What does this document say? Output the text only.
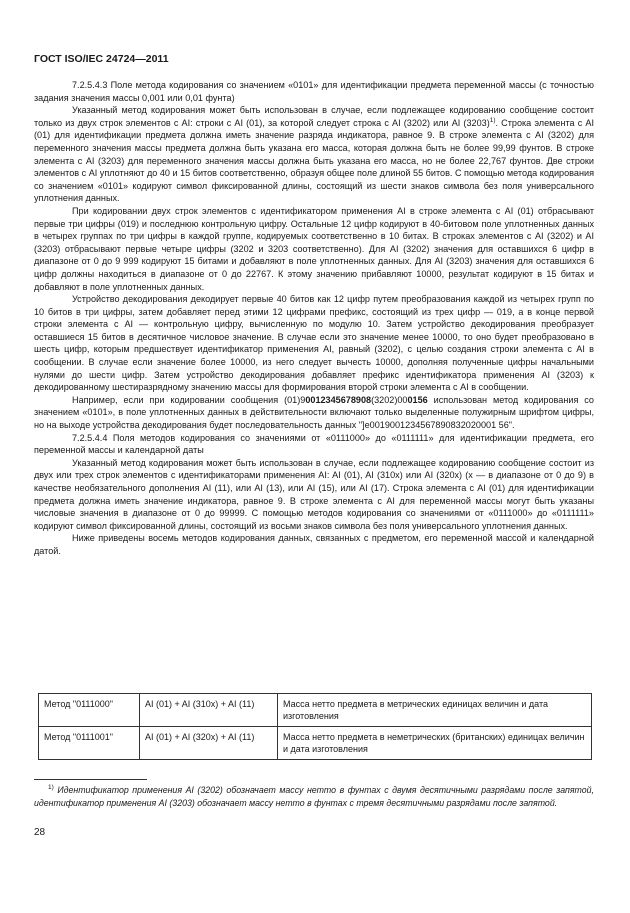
ГОСТ ISO/IEC 24724—2011

7.2.5.4.3 Поле метода кодирования со значением «0101» для идентификации предмета переменной массы (с точностью задания значения массы 0,001 или 0,01 фунта)

Указанный метод кодирования может быть использован в случае, если подлежащее кодированию сообщение состоит только из двух строк элементов с AI: строки с AI (01), за которой следует строка с AI (3202) или AI (3203)$^{1)}$. Строка элемента с AI (01) для идентификации предмета должна иметь значение разряда индикатора, равное 9. В строке элемента с AI (3202) для переменного значения массы предмета должна быть указана его масса, которая должна быть не более 99,99 фунтов. В строке элемента с AI (3203) для переменного значения массы должна быть указана его масса, но не более 22,767 фунтов. Две строки элементов с AI уплотняют до 40 и 15 битов соответственно, образуя общее поле длиной 55 битов. С помощью метода кодирования со значением «0101» кодируют символ фиксированной длины, состоящий из шести знаков символа без поля универсального уплотнения данных.

При кодировании двух строк элементов с идентификатором применения AI в строке элемента с AI (01) отбрасывают первые три цифры (019) и последнюю контрольную цифру. Остальные 12 цифр кодируют в 40-битовом поле уплотненных данных в четырех группах по три цифры в каждой группе, кодируемых соответственно в 10 битах. В строках элементов с AI (3202) и AI (3203) отбрасывают первые четыре цифры (3202 и 3203 соответственно). Для AI (3202) значения для оставшихся 6 цифр в диапазоне от 0 до 9 999 кодируют 15 битами и добавляют в поле уплотненных данных. Для AI (3203) значения для оставшихся 6 цифр должны находиться в диапазоне от 0 до 22767. К этому значению прибавляют 10000, результат кодируют в 15 битах и добавляют в поле уплотненных данных.

Устройство декодирования декодирует первые 40 битов как 12 цифр путем преобразования каждой из четырех групп по 10 битов в три цифры, затем добавляет перед этими 12 цифрами префикс, состоящий из трех цифр — 019, а в конце первой строки элемента с AI — контрольную цифру, вычисленную по модулю 10. Затем устройство декодирования преобразует оставшиеся 15 битов в десятичное числовое значение. В случае если это значение менее 10000, то оно будет преобразовано в шесть цифр, которым предшествует идентификатор применения AI, равный (3202), с целью создания строки элемента с AI в сообщении. В случае если значение более 10000, из него следует вычесть 10000, дополняя полученные цифры начальными нулями до шести цифр. Затем устройство декодирования добавляет префикс идентификатора применения AI (3203) к декодированному шестиразрядному значению массы для формирования второй строки элемента с AI в сообщении.

Например, если при кодировании сообщения (01)90012345678908(3202)000156 использован метод кодирования со значением «0101», в поле уплотненных данных в действительности включают только выделенные полужирным шрифтом цифры, но на выходе устройства декодирования будет последовательность данных "]e0019001234567890832020001 56".

7.2.5.4.4 Поля методов кодирования со значениями от «0111000» до «0111111» для идентификации предмета, его переменной массы и календарной даты

Указанный метод кодирования может быть использован в случае, если подлежащее кодированию сообщение состоит из двух или трех строк элементов с идентификаторами применения AI: AI (01), AI (310x) или AI (320x) (x — в диапазоне от 0 до 9) в качестве необязательного дополнения AI (11), или AI (13), или AI (15), или AI (17). Строка элемента с AI (01) для идентификации предмета должна иметь значение индикатора, равное 9. В строке элемента с AI для переменной массы могут быть указаны числовые значения в диапазоне от 0 до 99999. С помощью методов кодирования со значениями от «0111000» до «0111111» кодируют символ фиксированной длины, состоящий из восьми знаков символа без поля универсального уплотнения данных.

Ниже приведены восемь методов кодирования данных, связанных с предметом, его переменной массой и календарной датой.

Метод "0111000"	AI (01) + AI (310x) + AI (11)	Масса нетто предмета в метрических единицах величин и дата изготовления
Метод "0111001"	AI (01) + AI (320x) + AI (11)	Масса нетто предмета в неметрических (британских) единицах величин и дата изготовления
$^{1)}$ Идентификатор применения AI (3202) обозначает массу нетто в фунтах с двумя десятичными разрядами после запятой, идентификатор применения AI (3203) обозначает массу нетто в фунтах с тремя десятичными разрядами после запятой.
28
